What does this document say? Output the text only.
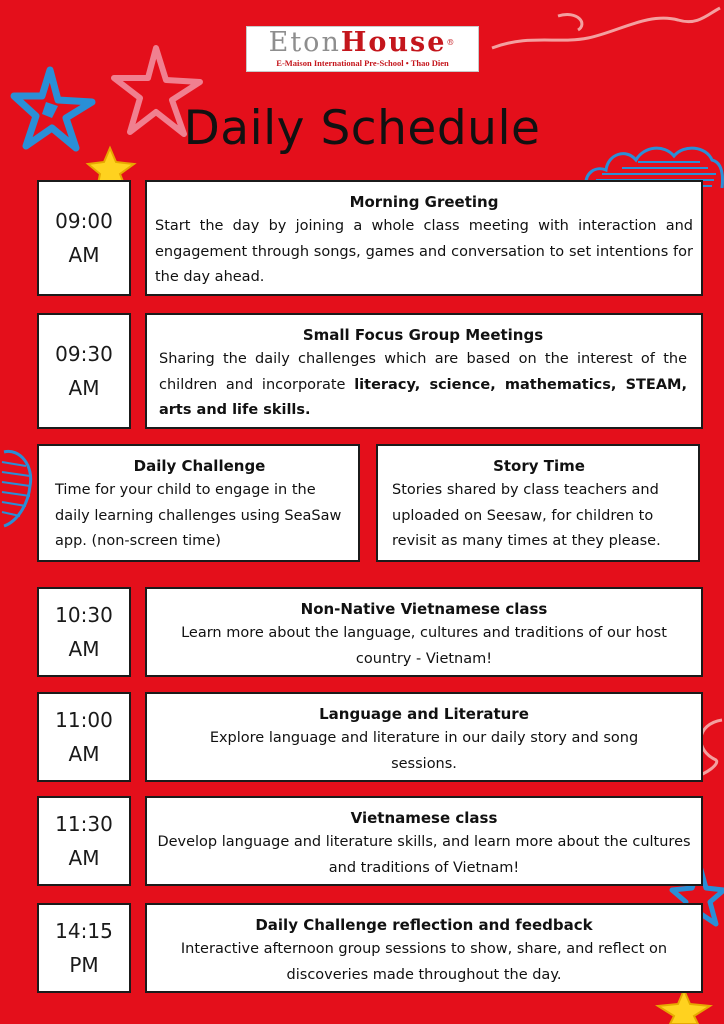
EtonHouse®
E-Maison International Pre-School • Thao Dien
Daily Schedule
09:00
AM
Morning Greeting

Start the day by joining a whole class meeting with interaction and engagement through songs, games and conversation to set intentions for the day ahead.

09:30
AM
Small Focus Group Meetings

Sharing the daily challenges which are based on the interest of the children and incorporate literacy, science, mathematics, STEAM, arts and life skills.

Daily Challenge

Time for your child to engage in the daily learning challenges using SeaSaw app. (non-screen time)

Story Time

Stories shared by class teachers and uploaded on Seesaw, for children to revisit as many times at they please.

10:30
AM
Non-Native Vietnamese class

Learn more about the language, cultures and traditions of our host country - Vietnam!

11:00
AM
Language and Literature

Explore language and literature in our daily story and song sessions.

11:30
AM
Vietnamese class

Develop language and literature skills, and learn more about the cultures and traditions of Vietnam!

14:15
PM
Daily Challenge reflection and feedback

Interactive afternoon group sessions to show, share, and reflect on discoveries made throughout the day.
